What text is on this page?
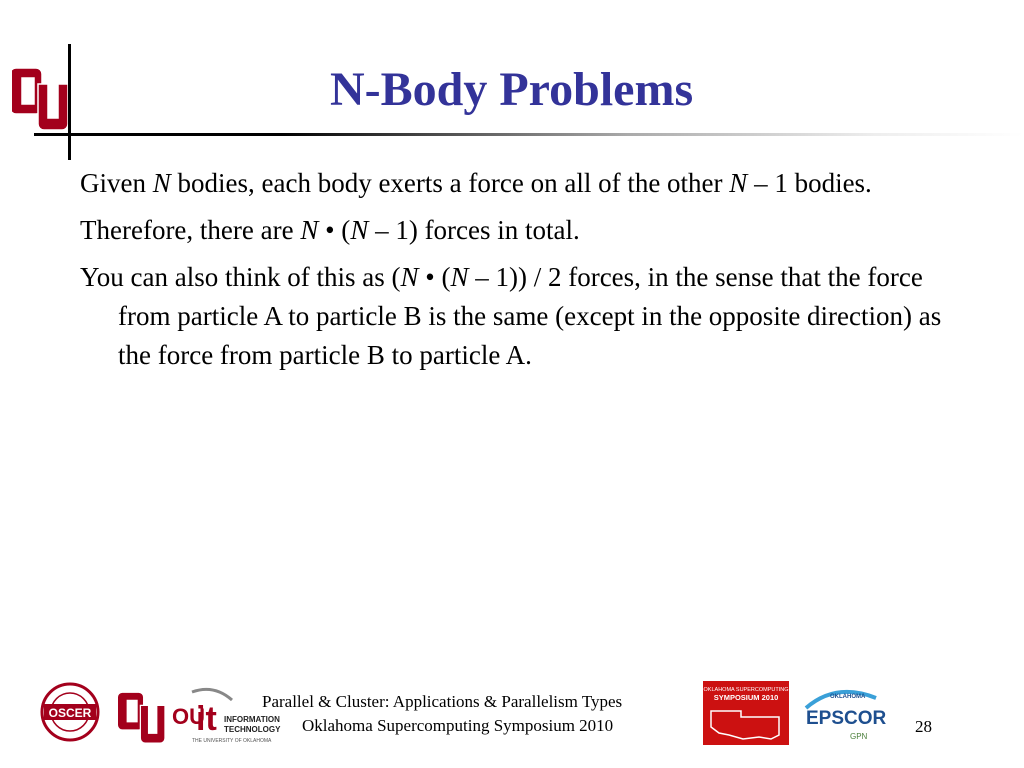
N-Body Problems

Given N bodies, each body exerts a force on all of the other N – 1 bodies.

Therefore, there are N • (N – 1) forces in total.

You can also think of this as (N • (N – 1)) / 2 forces, in the sense that the force from particle A to particle B is the same (except in the opposite direction) as the force from particle B to particle A.

OSCER	OU
it INFORMATION
TECHNOLOGY
THE UNIVERSITY OF OKLAHOMA
Parallel & Cluster: Applications & Parallelism Types
Oklahoma Supercomputing Symposium 2010
OKLAHOMA SUPERCOMPUTING
SYMPOSIUM 2010	OKLAHOMA
EPSCOR
GPN
28
